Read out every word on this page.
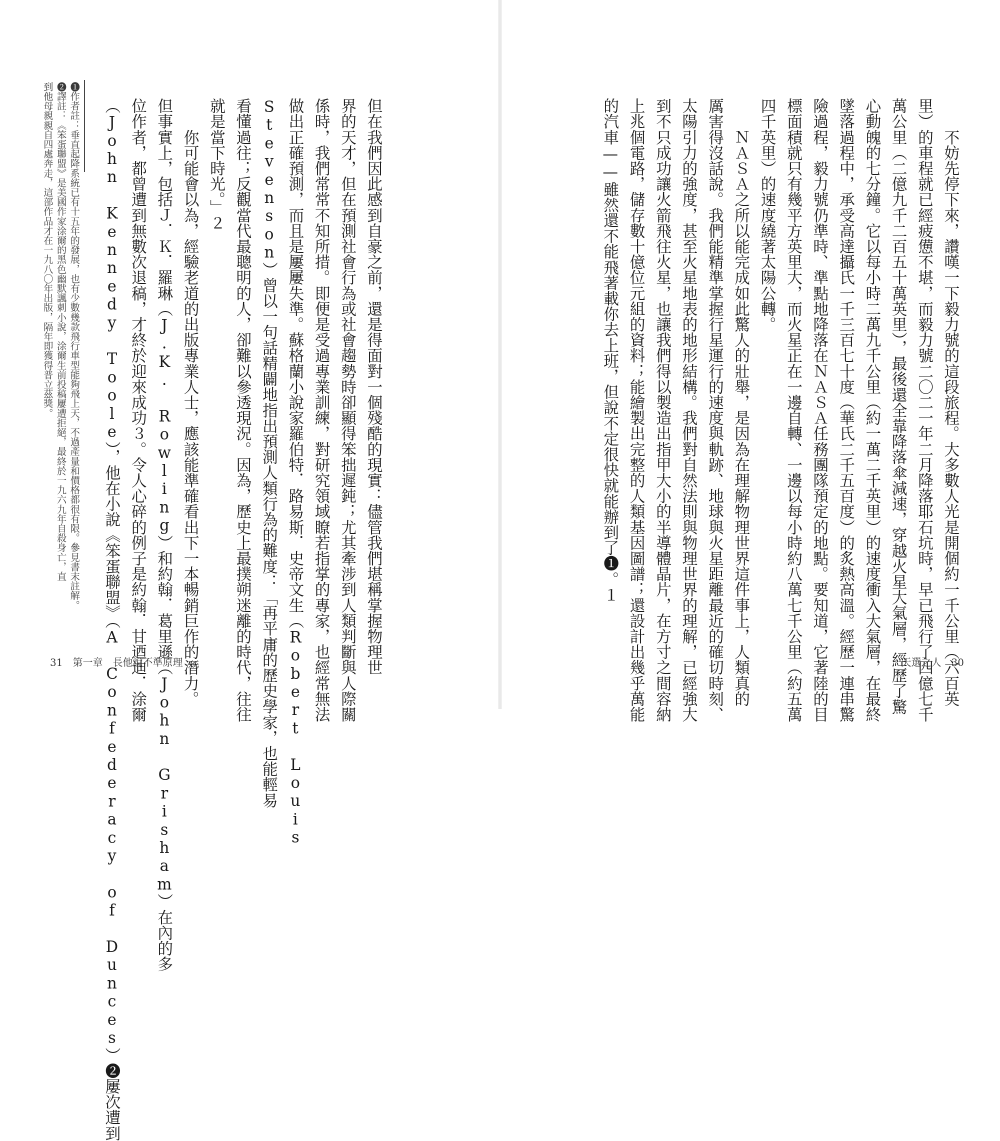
❶作者註：垂直起降系統已有十五年的發展，也有少數幾款飛行車型能夠飛上天，不過產量和價格都很有限。參見書末註解。
❷譯註：《笨蛋聯盟》是美國作家涂爾的黑色幽默諷刺小說，涂爾生前投稿屢遭拒絕，最終於一九六九年自殺身亡，直
到他母親親自四處奔走，這部作品才在一九八〇年出版，隔年即獲得普立茲獎。	但在我們因此感到自豪之前，還是得面對一個殘酷的現實：儘管我們堪稱掌握物理世
界的天才，但在預測社會行為或社會趨勢時卻顯得笨拙遲鈍；尤其牽涉到人類判斷與人際關
係時，我們常常不知所措。即便是受過專業訓練，對研究領域瞭若指掌的專家，也經常無法
做出正確預測，而且是屢屢失準。蘇格蘭小說家羅伯特．路易斯．史帝文生（Robert Louis
Stevenson）曾以一句話精闢地指出預測人類行為的難度：「再平庸的歷史學家，也能輕易
看懂過往；反觀當代最聰明的人，卻難以參透現況。因為，歷史上最撲朔迷離的時代，往往
就是當下時光。」２
　　你可能會以為，經驗老道的出版專業人士，應該能準確看出下一本暢銷巨作的潛力。
但事實上，包括Ｊ．Ｋ．羅琳（J.K. Rowling）和約翰．葛里遜（John Grisham）在內的多
位作者，都曾遭到無數次退稿，才終於迎來成功３。令人心碎的例子是約翰．甘迺迪．涂爾
（John Kennedy Toole），他在小說《笨蛋聯盟》（A Confederacy of Dunces）❷屢次遭到
31　第一章　長他說不準原理	　　不妨先停下來，讚嘆一下毅力號的這段旅程。大多數人光是開個約一千公里（六百英
里）的車程就已經疲憊不堪，而毅力號二〇二一年二月降落耶石坑時，早已飛行了四億七千
萬公里（二億九千二百五十萬英里），最後還全靠降落傘減速，穿越火星大氣層，經歷了驚
心動魄的七分鐘。它以每小時二萬九千公里（約一萬二千英里）的速度衝入大氣層，在最終
墜落過程中，承受高達攝氏一千三百七十度（華氏二千五百度）的炙熱高溫。經歷一連串驚
險過程，毅力號仍準時、準點地降落在ＮＡＳＡ任務團隊預定的地點。要知道，它著陸的目
標面積就只有幾平方英里大，而火星正在一邊自轉、一邊以每小時約八萬七千公里（約五萬
四千英里）的速度繞著太陽公轉。
　　ＮＡＳＡ之所以能完成如此驚人的壯舉，是因為在理解物理世界這件事上，人類真的
厲害得沒話說。我們能精準掌握行星運行的速度與軌跡、地球與火星距離最近的確切時刻、
太陽引力的強度，甚至火星地表的地形結構。我們對自然法則與物理世界的理解，已經強大
到不只成功讓火箭飛往火星，也讓我們得以製造出指甲大小的半導體晶片，在方寸之間容納
上兆個電路，儲存數十億位元組的資料；能繪製出完整的人類基因圖譜；還設計出幾乎萬能
的汽車——雖然還不能飛著載你去上班，但說不定很快就能辦到了❶。１
天選之人　30
